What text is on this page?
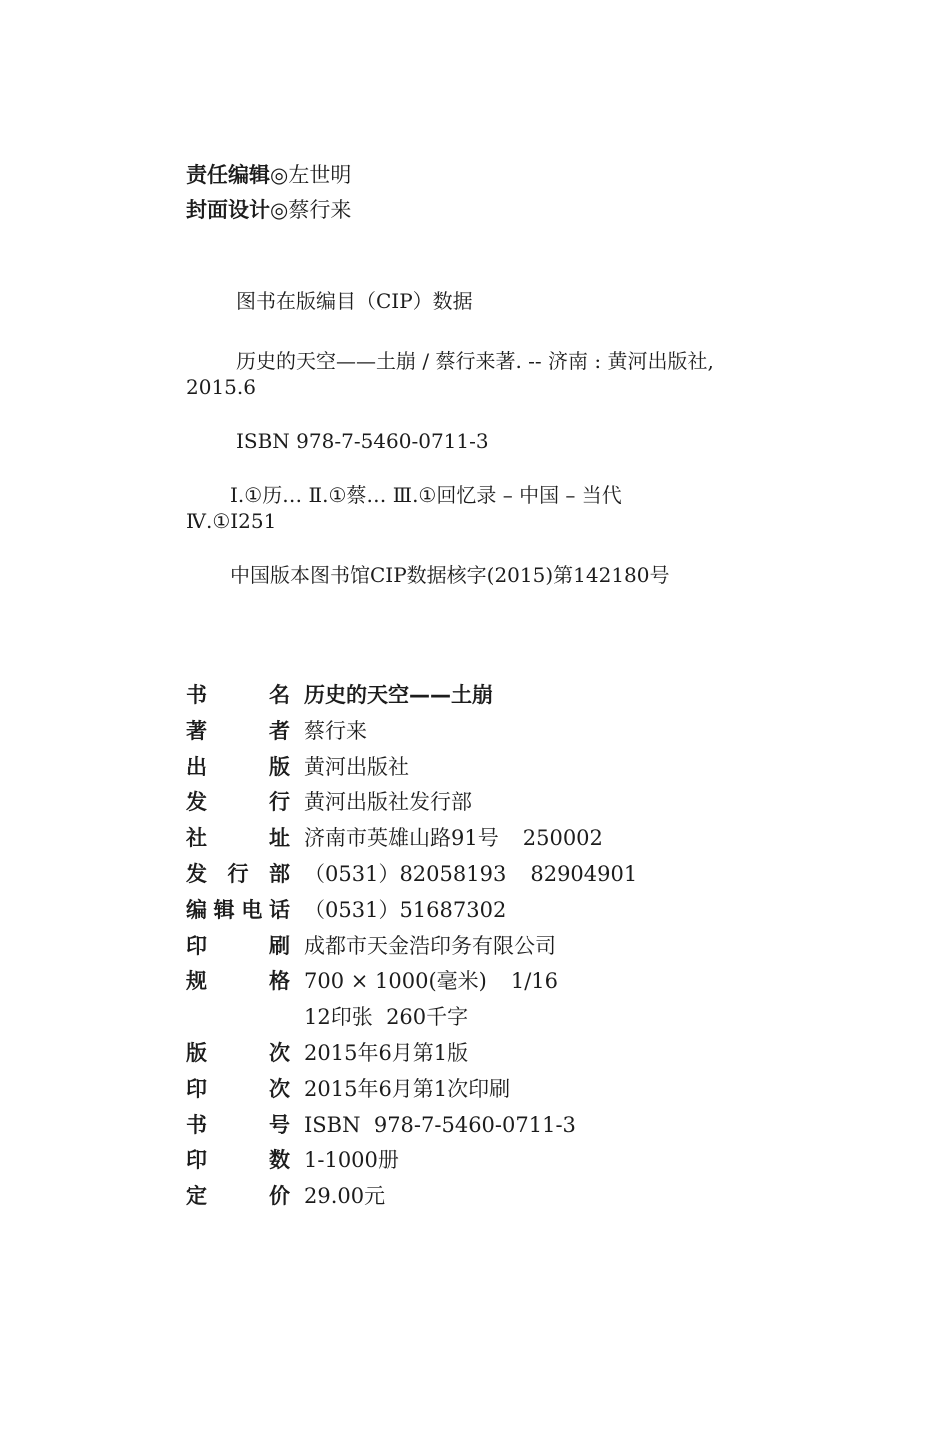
责任编辑◎左世明
封面设计◎蔡行来
图书在版编目（CIP）数据
历史的天空——土崩 / 蔡行来著. -- 济南 : 黄河出版社,
2015.6
ISBN 978-7-5460-0711-3
Ⅰ.①历… Ⅱ.①蔡… Ⅲ.①回忆录 – 中国 – 当代
Ⅳ.①I251
中国版本图书馆CIP数据核字(2015)第142180号
书	名 历史的天空——土崩
著	者 蔡行来
出	版 黄河出版社
发	行 黄河出版社发行部
社	址 济南市英雄山路91号 250002
发 行 部 （0531）82058193 82904901
编 辑 电 话 （0531）51687302
印	刷 成都市天金浩印务有限公司
规	格 700 × 1000(毫米) 1/16
12印张  260千字
版	次 2015年6月第1版
印	次 2015年6月第1次印刷
书	号 ISBN  978-7-5460-0711-3
印	数 1-1000册
定	价 29.00元
